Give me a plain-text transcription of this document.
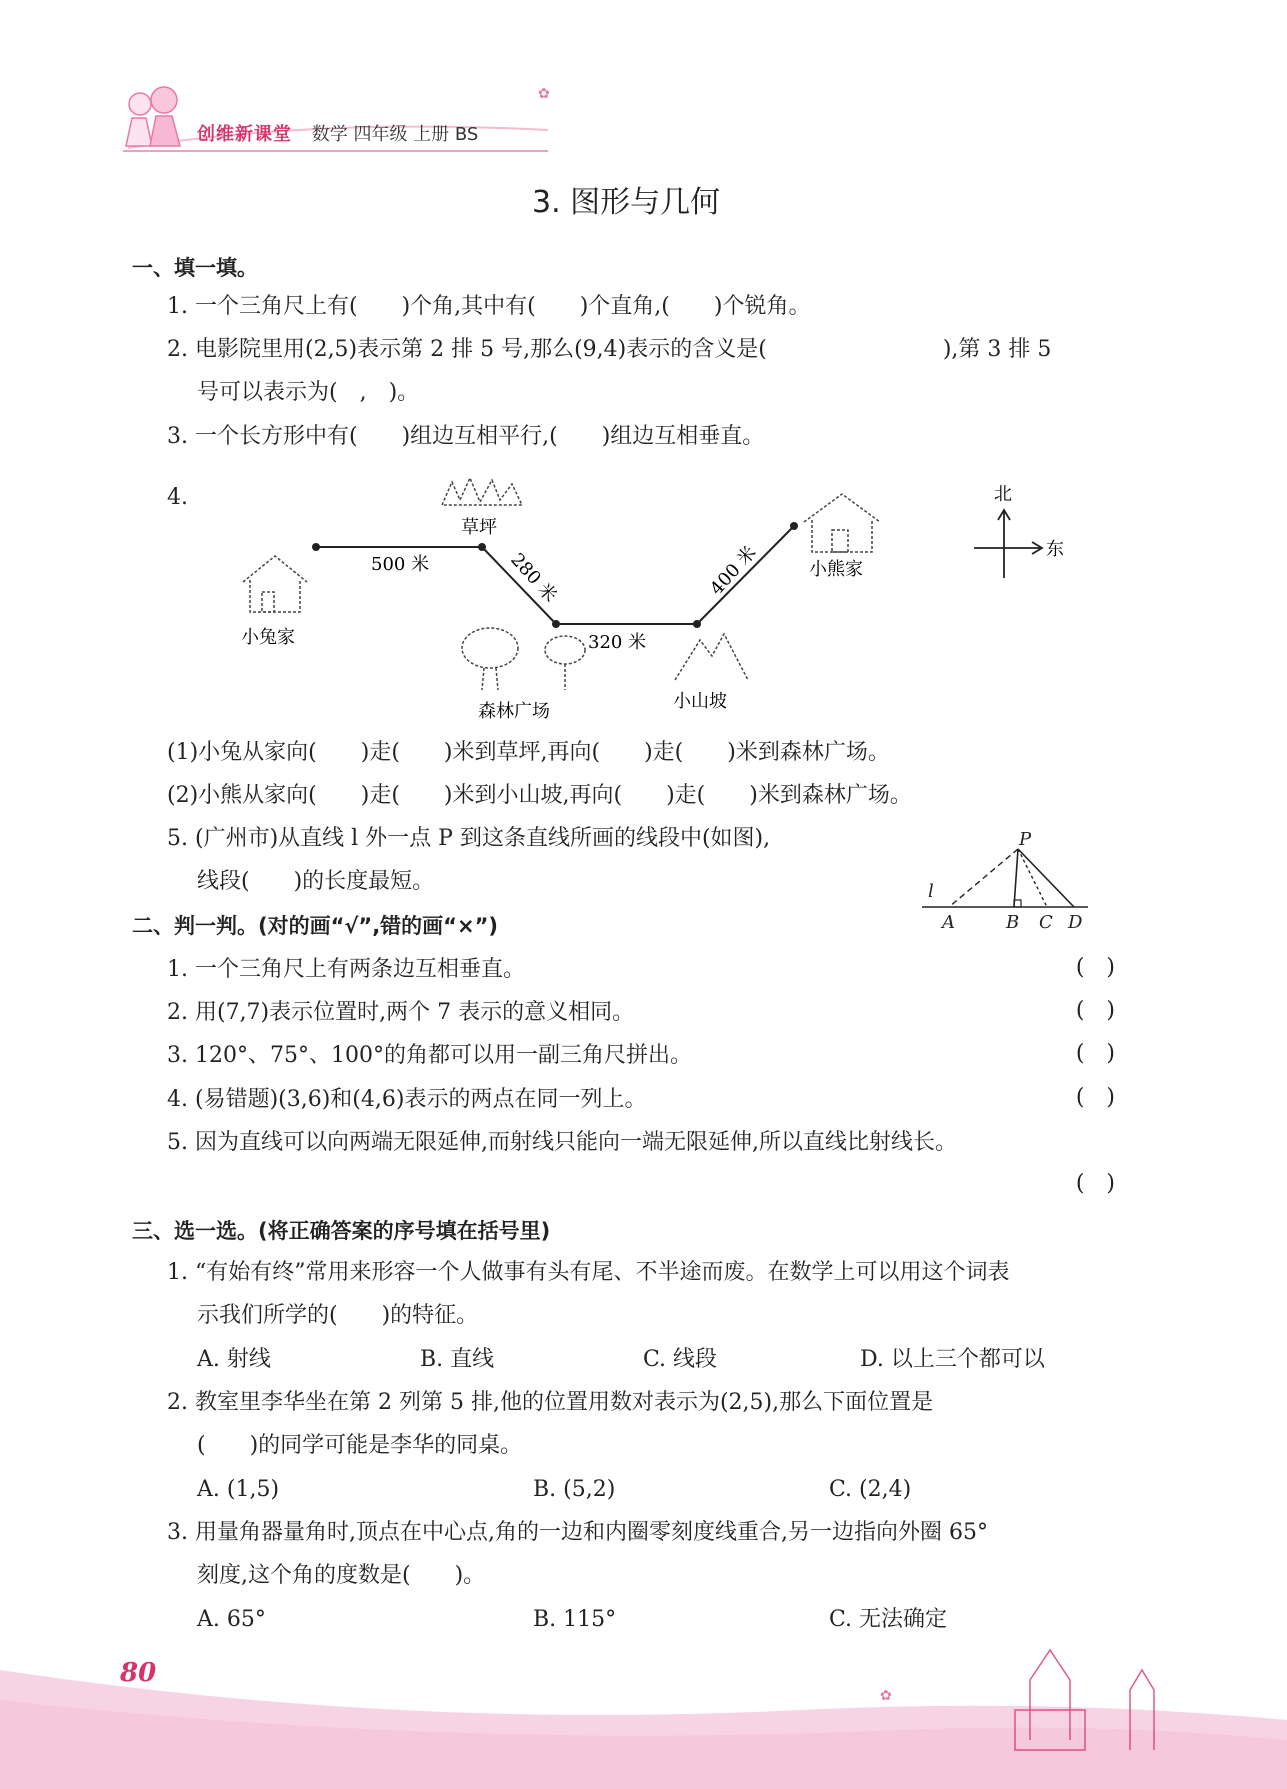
✿
创维新课堂 数学 四年级 上册 BS
3. 图形与几何
一、填一填。
1. 一个三角尺上有(　　)个角,其中有(　　)个直角,(　　)个锐角。
2. 电影院里用(2,5)表示第 2 排 5 号,那么(9,4)表示的含义是(　　　　　　　　),第 3 排 5
号可以表示为(　,　)。
3. 一个长方形中有(　　)组边互相平行,(　　)组边互相垂直。
4.
小兔家
草坪
森林广场	小山坡
小熊家
500 米	280 米
320 米
400 米
北
东
(1)小兔从家向(　　)走(　　)米到草坪,再向(　　)走(　　)米到森林广场。
(2)小熊从家向(　　)走(　　)米到小山坡,再向(　　)走(　　)米到森林广场。
5. (广州市)从直线 l 外一点 P 到这条直线所画的线段中(如图),
线段(　　)的长度最短。
P
l
A	B C D
二、判一判。(对的画“√”,错的画“×”)
1. 一个三角尺上有两条边互相垂直。	()
2. 用(7,7)表示位置时,两个 7 表示的意义相同。	()
3. 120°、75°、100°的角都可以用一副三角尺拼出。	()
4. (易错题)(3,6)和(4,6)表示的两点在同一列上。	()
5. 因为直线可以向两端无限延伸,而射线只能向一端无限延伸,所以直线比射线长。
()
三、选一选。(将正确答案的序号填在括号里)
1. “有始有终”常用来形容一个人做事有头有尾、不半途而废。在数学上可以用这个词表
示我们所学的(　　)的特征。
A. 射线	B. 直线	C. 线段	D. 以上三个都可以
2. 教室里李华坐在第 2 列第 5 排,他的位置用数对表示为(2,5),那么下面位置是
(　　)的同学可能是李华的同桌。
A. (1,5)	B. (5,2)	C. (2,4)
3. 用量角器量角时,顶点在中心点,角的一边和内圈零刻度线重合,另一边指向外圈 65°
刻度,这个角的度数是(　　)。
A. 65°	B. 115°	C. 无法确定
✿
80
